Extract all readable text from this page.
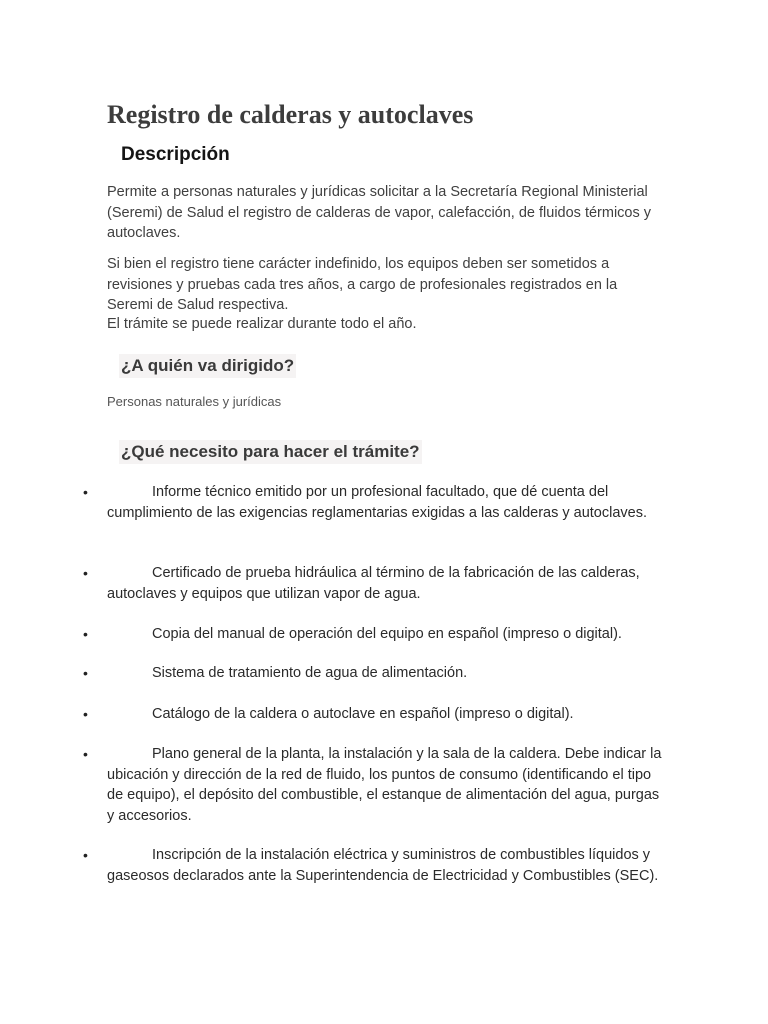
Registro de calderas y autoclaves
Descripción

Permite a personas naturales y jurídicas solicitar a la Secretaría Regional Ministerial (Seremi) de Salud el registro de calderas de vapor, calefacción, de fluidos térmicos y autoclaves.

Si bien el registro tiene carácter indefinido, los equipos deben ser sometidos a revisiones y pruebas cada tres años, a cargo de profesionales registrados en la Seremi de Salud respectiva.

El trámite se puede realizar durante todo el año.

¿A quién va dirigido?

Personas naturales y jurídicas

¿Qué necesito para hacer el trámite?
•	Informe técnico emitido por un profesional facultado, que dé cuenta del cumplimiento de las exigencias reglamentarias exigidas a las calderas y autoclaves.
•	Certificado de prueba hidráulica al término de la fabricación de las calderas, autoclaves y equipos que utilizan vapor de agua.
•	Copia del manual de operación del equipo en español (impreso o digital).
•	Sistema de tratamiento de agua de alimentación.
•	Catálogo de la caldera o autoclave en español (impreso o digital).
•	Plano general de la planta, la instalación y la sala de la caldera. Debe indicar la ubicación y dirección de la red de fluido, los puntos de consumo (identificando el tipo de equipo), el depósito del combustible, el estanque de alimentación del agua, purgas y accesorios.
•	Inscripción de la instalación eléctrica y suministros de combustibles líquidos y gaseosos declarados ante la Superintendencia de Electricidad y Combustibles (SEC).
